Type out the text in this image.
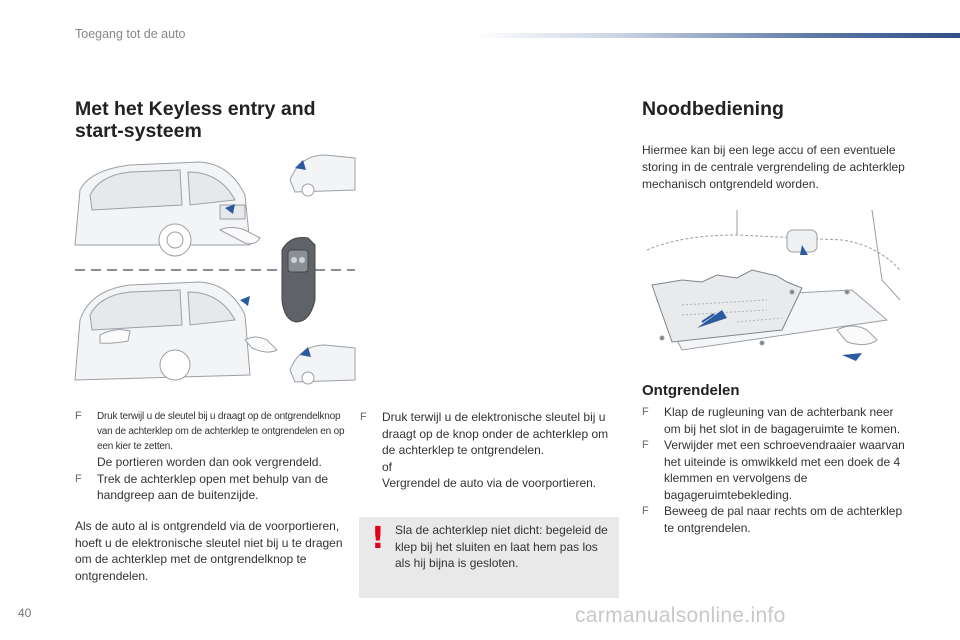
Toegang tot de auto
Met het Keyless entry and start-systeem
Noodbediening
Hiermee kan bij een lege accu of een eventuele storing in de centrale vergrendeling de achterklep mechanisch ontgrendeld worden.
F Druk terwijl u de sleutel bij u draagt op de ontgrendelknop van de achterklep om de achterklep te ontgrendelen en op een kier te zetten.
De portieren worden dan ook vergrendeld.
F Trek de achterklep open met behulp van de handgreep aan de buitenzijde.
Als de auto al is ontgrendeld via de voorportieren, hoeft u de elektronische sleutel niet bij u te dragen om de achterklep met de ontgrendelknop te ontgrendelen.
F Druk terwijl u de elektronische sleutel bij u draagt op de knop onder de achterklep om de achterklep te ontgrendelen.
of
Vergrendel de auto via de voorportieren.
! Sla de achterklep niet dicht: begeleid de klep bij het sluiten en laat hem pas los als hij bijna is gesloten.
Ontgrendelen
F Klap de rugleuning van de achterbank neer om bij het slot in de bagageruimte te komen.
F Verwijder met een schroevendraaier waarvan het uiteinde is omwikkeld met een doek de 4 klemmen en vervolgens de bagageruimtebekleding.
F Beweeg de pal naar rechts om de achterklep te ontgrendelen.
40	carmanualsonline.info
